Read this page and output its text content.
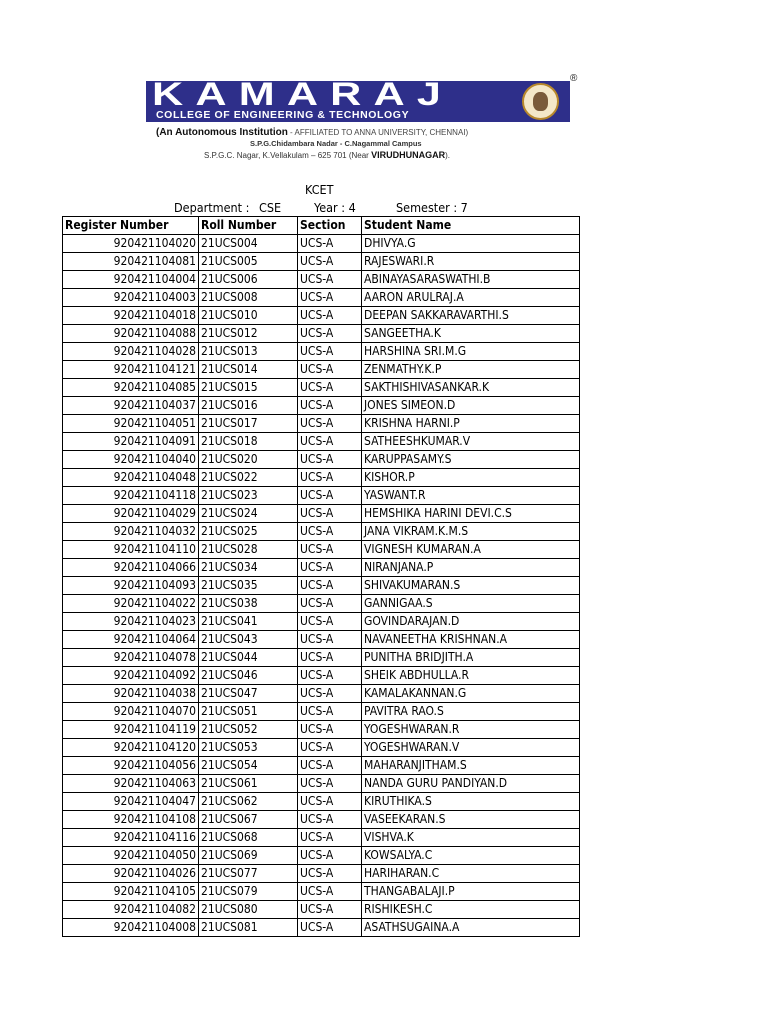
KAMARAJ
COLLEGE OF ENGINEERING & TECHNOLOGY
®
(An Autonomous Institution - AFFILIATED TO ANNA UNIVERSITY, CHENNAI)
S.P.G.Chidambara Nadar - C.Nagammal Campus
S.P.G.C. Nagar, K.Vellakulam – 625 701 (Near VIRUDHUNAGAR).
KCET
Department : CSE	Year : 4	Semester : 7
Register Number	Roll Number	Section	Student Name
920421104020	21UCS004	UCS-A	DHIVYA.G
920421104081	21UCS005	UCS-A	RAJESWARI.R
920421104004	21UCS006	UCS-A	ABINAYASARASWATHI.B
920421104003	21UCS008	UCS-A	AARON ARULRAJ.A
920421104018	21UCS010	UCS-A	DEEPAN SAKKARAVARTHI.S
920421104088	21UCS012	UCS-A	SANGEETHA.K
920421104028	21UCS013	UCS-A	HARSHINA SRI.M.G
920421104121	21UCS014	UCS-A	ZENMATHY.K.P
920421104085	21UCS015	UCS-A	SAKTHISHIVASANKAR.K
920421104037	21UCS016	UCS-A	JONES SIMEON.D
920421104051	21UCS017	UCS-A	KRISHNA HARNI.P
920421104091	21UCS018	UCS-A	SATHEESHKUMAR.V
920421104040	21UCS020	UCS-A	KARUPPASAMY.S
920421104048	21UCS022	UCS-A	KISHOR.P
920421104118	21UCS023	UCS-A	YASWANT.R
920421104029	21UCS024	UCS-A	HEMSHIKA HARINI DEVI.C.S
920421104032	21UCS025	UCS-A	JANA VIKRAM.K.M.S
920421104110	21UCS028	UCS-A	VIGNESH KUMARAN.A
920421104066	21UCS034	UCS-A	NIRANJANA.P
920421104093	21UCS035	UCS-A	SHIVAKUMARAN.S
920421104022	21UCS038	UCS-A	GANNIGAA.S
920421104023	21UCS041	UCS-A	GOVINDARAJAN.D
920421104064	21UCS043	UCS-A	NAVANEETHA KRISHNAN.A
920421104078	21UCS044	UCS-A	PUNITHA BRIDJITH.A
920421104092	21UCS046	UCS-A	SHEIK ABDHULLA.R
920421104038	21UCS047	UCS-A	KAMALAKANNAN.G
920421104070	21UCS051	UCS-A	PAVITRA RAO.S
920421104119	21UCS052	UCS-A	YOGESHWARAN.R
920421104120	21UCS053	UCS-A	YOGESHWARAN.V
920421104056	21UCS054	UCS-A	MAHARANJITHAM.S
920421104063	21UCS061	UCS-A	NANDA GURU PANDIYAN.D
920421104047	21UCS062	UCS-A	KIRUTHIKA.S
920421104108	21UCS067	UCS-A	VASEEKARAN.S
920421104116	21UCS068	UCS-A	VISHVA.K
920421104050	21UCS069	UCS-A	KOWSALYA.C
920421104026	21UCS077	UCS-A	HARIHARAN.C
920421104105	21UCS079	UCS-A	THANGABALAJI.P
920421104082	21UCS080	UCS-A	RISHIKESH.C
920421104008	21UCS081	UCS-A	ASATHSUGAINA.A
